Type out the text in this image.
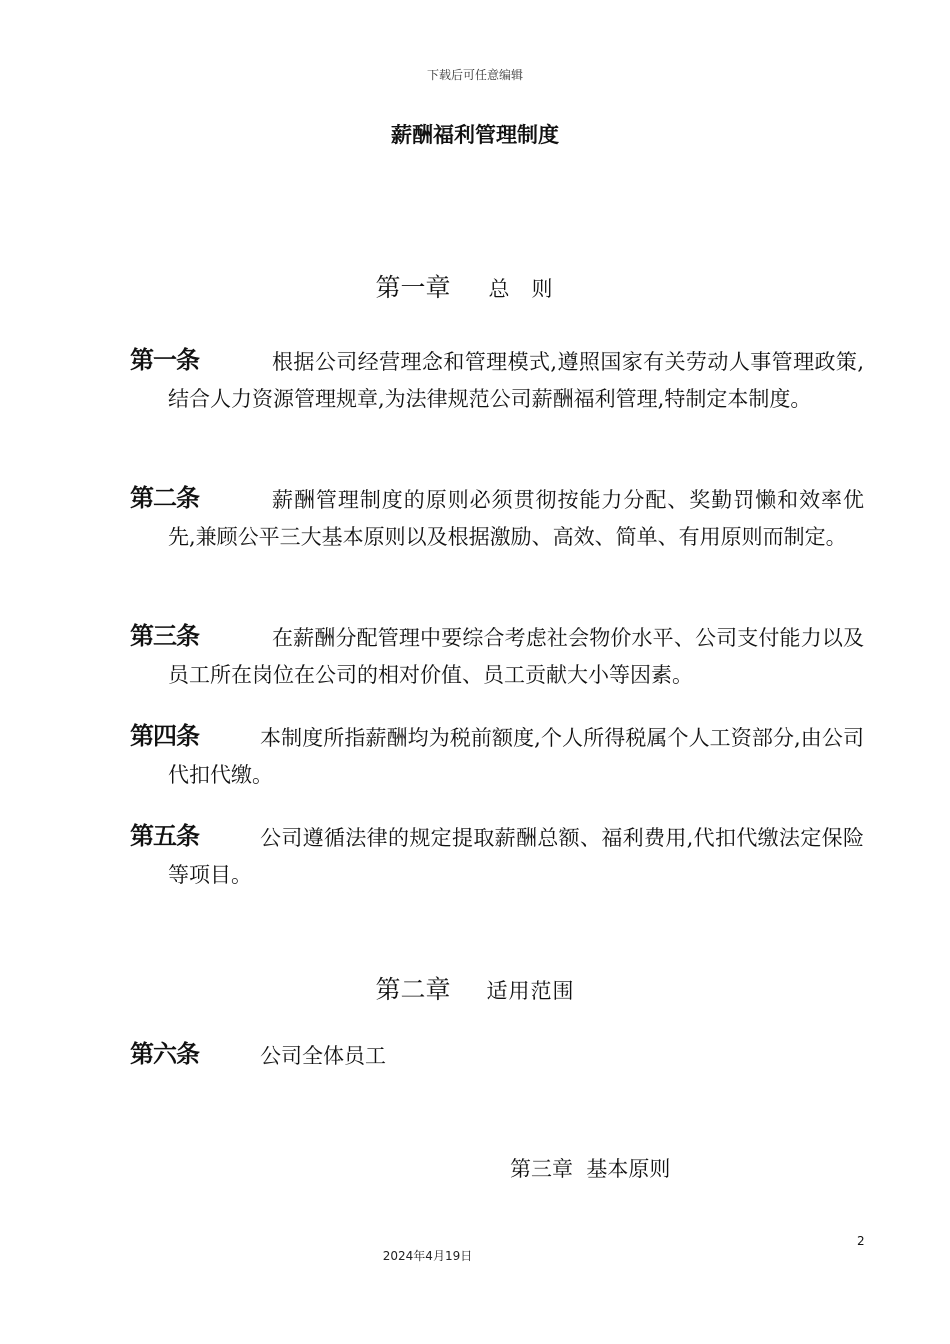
下载后可任意编辑
薪酬福利管理制度
第一章 总则
第一条	根据公司经营理念和管理模式,遵照国家有关劳动人事管理政策,结合人力资源管理规章,为法律规范公司薪酬福利管理,特制定本制度。
第二条	薪酬管理制度的原则必须贯彻按能力分配、奖勤罚懒和效率优先,兼顾公平三大基本原则以及根据激励、高效、简单、有用原则而制定。
第三条	在薪酬分配管理中要综合考虑社会物价水平、公司支付能力以及员工所在岗位在公司的相对价值、员工贡献大小等因素。
第四条	本制度所指薪酬均为税前额度,个人所得税属个人工资部分,由公司代扣代缴。
第五条	公司遵循法律的规定提取薪酬总额、福利费用,代扣代缴法定保险等项目。
第二章 适用范围
第六条	公司全体员工
第三章 基本原则
2
2024年4月19日
